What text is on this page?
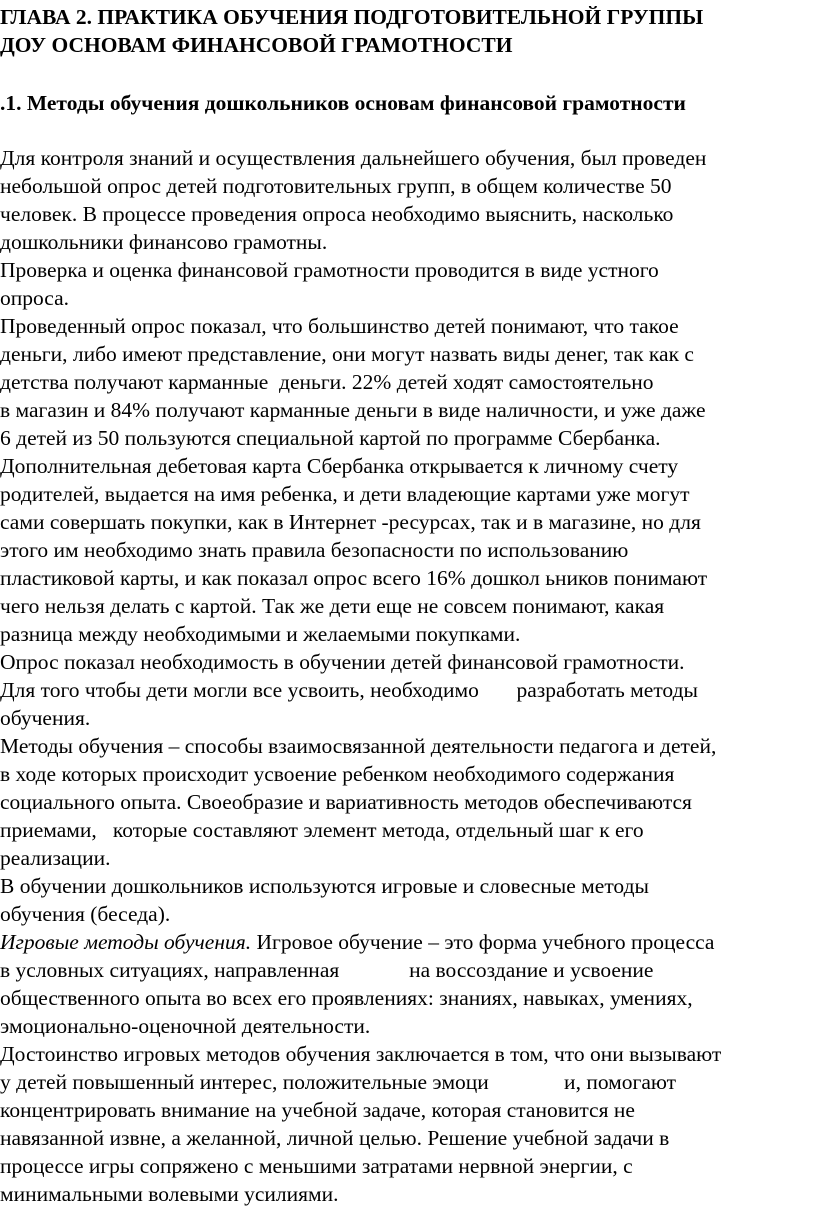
ГЛАВА 2. ПРАКТИКА ОБУЧЕНИЯ ПОДГОТОВИТЕЛЬНОЙ ГРУППЫ
ДОУ ОСНОВАМ ФИНАНСОВОЙ ГРАМОТНОСТИ
.1. Методы обучения дошкольников основам финансовой грамотности
Для контроля знаний и осуществления дальнейшего обучения, был проведен
небольшой опрос детей подготовительных групп, в общем количестве 50
человек. В процессе проведения опроса необходимо выяснить, насколько
дошкольники финансово грамотны.
Проверка и оценка финансовой грамотности проводится в виде устного
опроса.
Проведенный опрос показал, что большинство детей понимают, что такое
деньги, либо имеют представление, они могут назвать виды денег, так как с
детства получают карманные  деньги. 22% детей ходят самостоятельно
в магазин и 84% получают карманные деньги в виде наличности, и уже даже
6 детей из 50 пользуются специальной картой по программе Сбербанка.
Дополнительная дебетовая карта Сбербанка открывается к личному счету
родителей, выдается на имя ребенка, и дети владеющие картами уже могут
сами совершать покупки, как в Интернет -ресурсах, так и в магазине, но для
этого им необходимо знать правила безопасности по использованию
пластиковой карты, и как показал опрос всего 16% дошкол ьников понимают
чего нельзя делать с картой. Так же дети еще не совсем понимают, какая
разница между необходимыми и желаемыми покупками.
Опрос показал необходимость в обучении детей финансовой грамотности.
Для того чтобы дети могли все усвоить, необходимо       разработать методы
обучения.
Методы обучения – способы взаимосвязанной деятельности педагога и детей,
в ходе которых происходит усвоение ребенком необходимого содержания
социального опыта. Своеобразие и вариативность методов обеспечиваются
приемами,   которые составляют элемент метода, отдельный шаг к его
реализации.
В обучении дошкольников используются игровые и словесные методы
обучения (беседа).
Игровые методы обучения. Игровое обучение – это форма учебного процесса
в условных ситуациях, направленная             на воссоздание и усвоение
общественного опыта во всех его проявлениях: знаниях, навыках, умениях,
эмоционально-оценочной деятельности.
Достоинство игровых методов обучения заключается в том, что они вызывают
у детей повышенный интерес, положительные эмоци              и, помогают
концентрировать внимание на учебной задаче, которая становится не
навязанной извне, а желанной, личной целью. Решение учебной задачи в
процессе игры сопряжено с меньшими затратами нервной энергии, с
минимальными волевыми усилиями.
